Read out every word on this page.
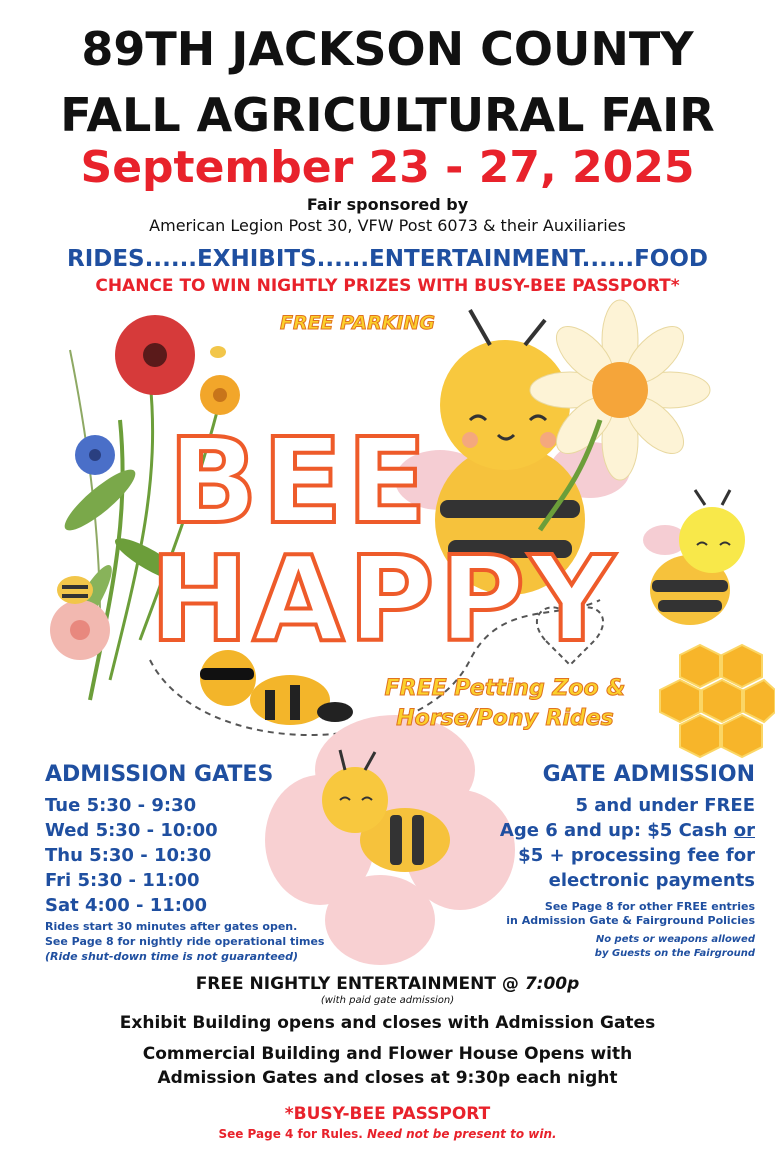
89TH JACKSON COUNTY
FALL AGRICULTURAL FAIR
September 23 - 27, 2025
Fair sponsored by
American Legion Post 30, VFW Post 6073 & their Auxiliaries
RIDES......EXHIBITS......ENTERTAINMENT......FOOD
CHANCE TO WIN NIGHTLY PRIZES WITH BUSY-BEE PASSPORT*
FREE PARKING
BEE
HAPPY
FREE Petting Zoo &
Horse/Pony Rides
ADMISSION GATES
Tue 5:30 - 9:30
Wed 5:30 - 10:00
Thu 5:30 - 10:30
Fri 5:30 - 11:00
Sat 4:00 - 11:00
Rides start 30 minutes after gates open.
See Page 8 for nightly ride operational times
(Ride shut-down time is not guaranteed)
GATE ADMISSION
5 and under FREE
Age 6 and up: $5 Cash or
$5 + processing fee for
electronic payments
See Page 8 for other FREE entries
in Admission Gate & Fairground Policies
No pets or weapons allowed
by Guests on the Fairground
FREE NIGHTLY ENTERTAINMENT @ 7:00p
(with paid gate admission)
Exhibit Building opens and closes with Admission Gates
Commercial Building and Flower House Opens with
Admission Gates and closes at 9:30p each night
*BUSY-BEE PASSPORT
See Page 4 for Rules. Need not be present to win.
